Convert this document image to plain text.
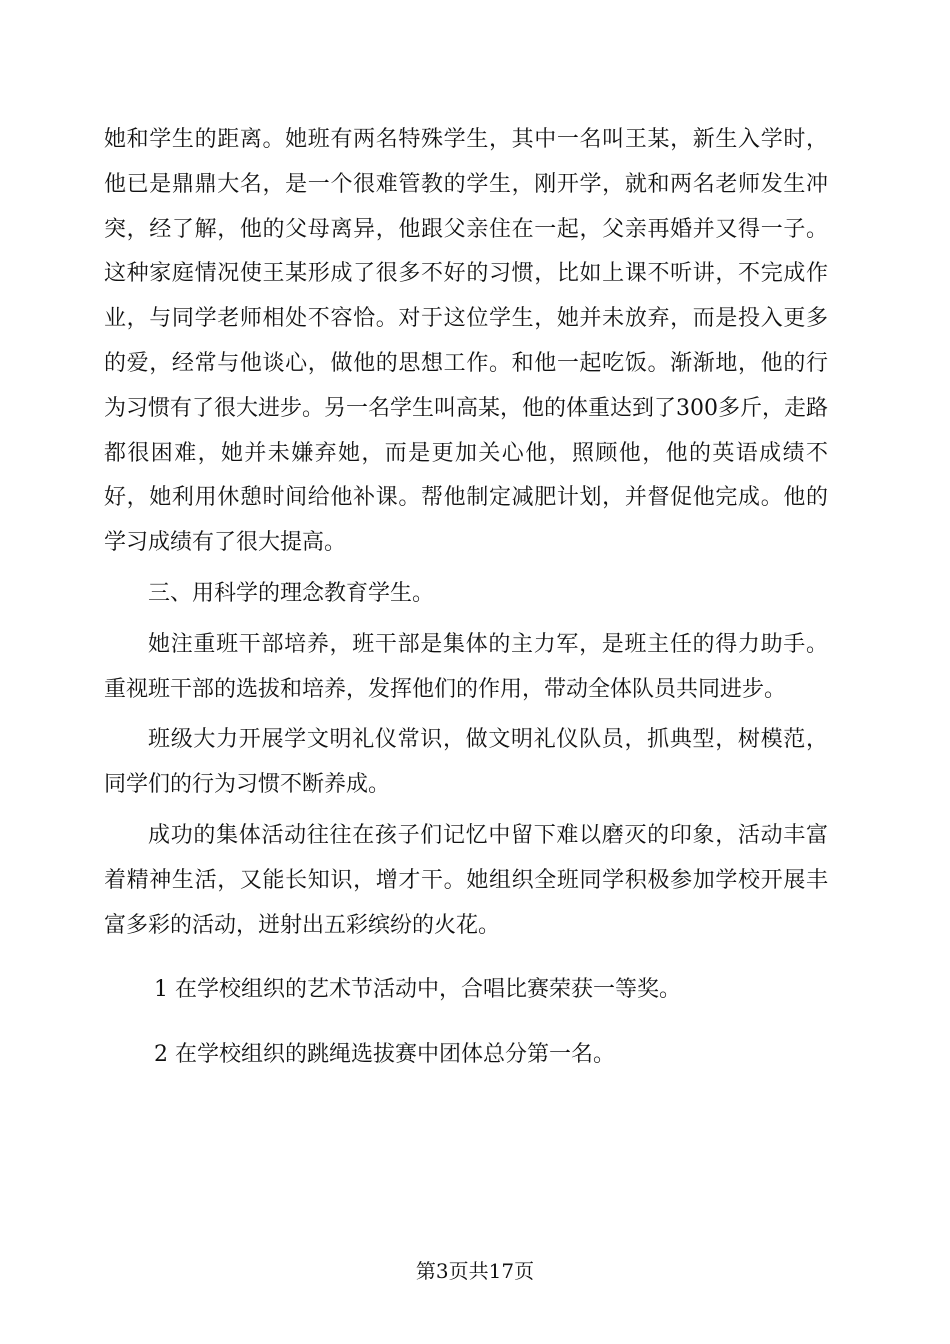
她和学生的距离。她班有两名特殊学生，其中一名叫王某，新生入学时，他已是鼎鼎大名，是一个很难管教的学生，刚开学，就和两名老师发生冲突，经了解，他的父母离异，他跟父亲住在一起，父亲再婚并又得一子。这种家庭情况使王某形成了很多不好的习惯，比如上课不听讲，不完成作业，与同学老师相处不容恰。对于这位学生，她并未放弃，而是投入更多的爱，经常与他谈心，做他的思想工作。和他一起吃饭。渐渐地，他的行为习惯有了很大进步。另一名学生叫高某，他的体重达到了300多斤，走路都很困难，她并未嫌弃她，而是更加关心他，照顾他，他的英语成绩不好，她利用休憩时间给他补课。帮他制定减肥计划，并督促他完成。他的学习成绩有了很大提高。

三、用科学的理念教育学生。

她注重班干部培养，班干部是集体的主力军，是班主任的得力助手。重视班干部的选拔和培养，发挥他们的作用，带动全体队员共同进步。

班级大力开展学文明礼仪常识，做文明礼仪队员，抓典型，树模范，同学们的行为习惯不断养成。

成功的集体活动往往在孩子们记忆中留下难以磨灭的印象，活动丰富着精神生活，又能长知识，增才干。她组织全班同学积极参加学校开展丰富多彩的活动，迸射出五彩缤纷的火花。

1 在学校组织的艺术节活动中，合唱比赛荣获一等奖。

2 在学校组织的跳绳选拔赛中团体总分第一名。

第3页共17页
